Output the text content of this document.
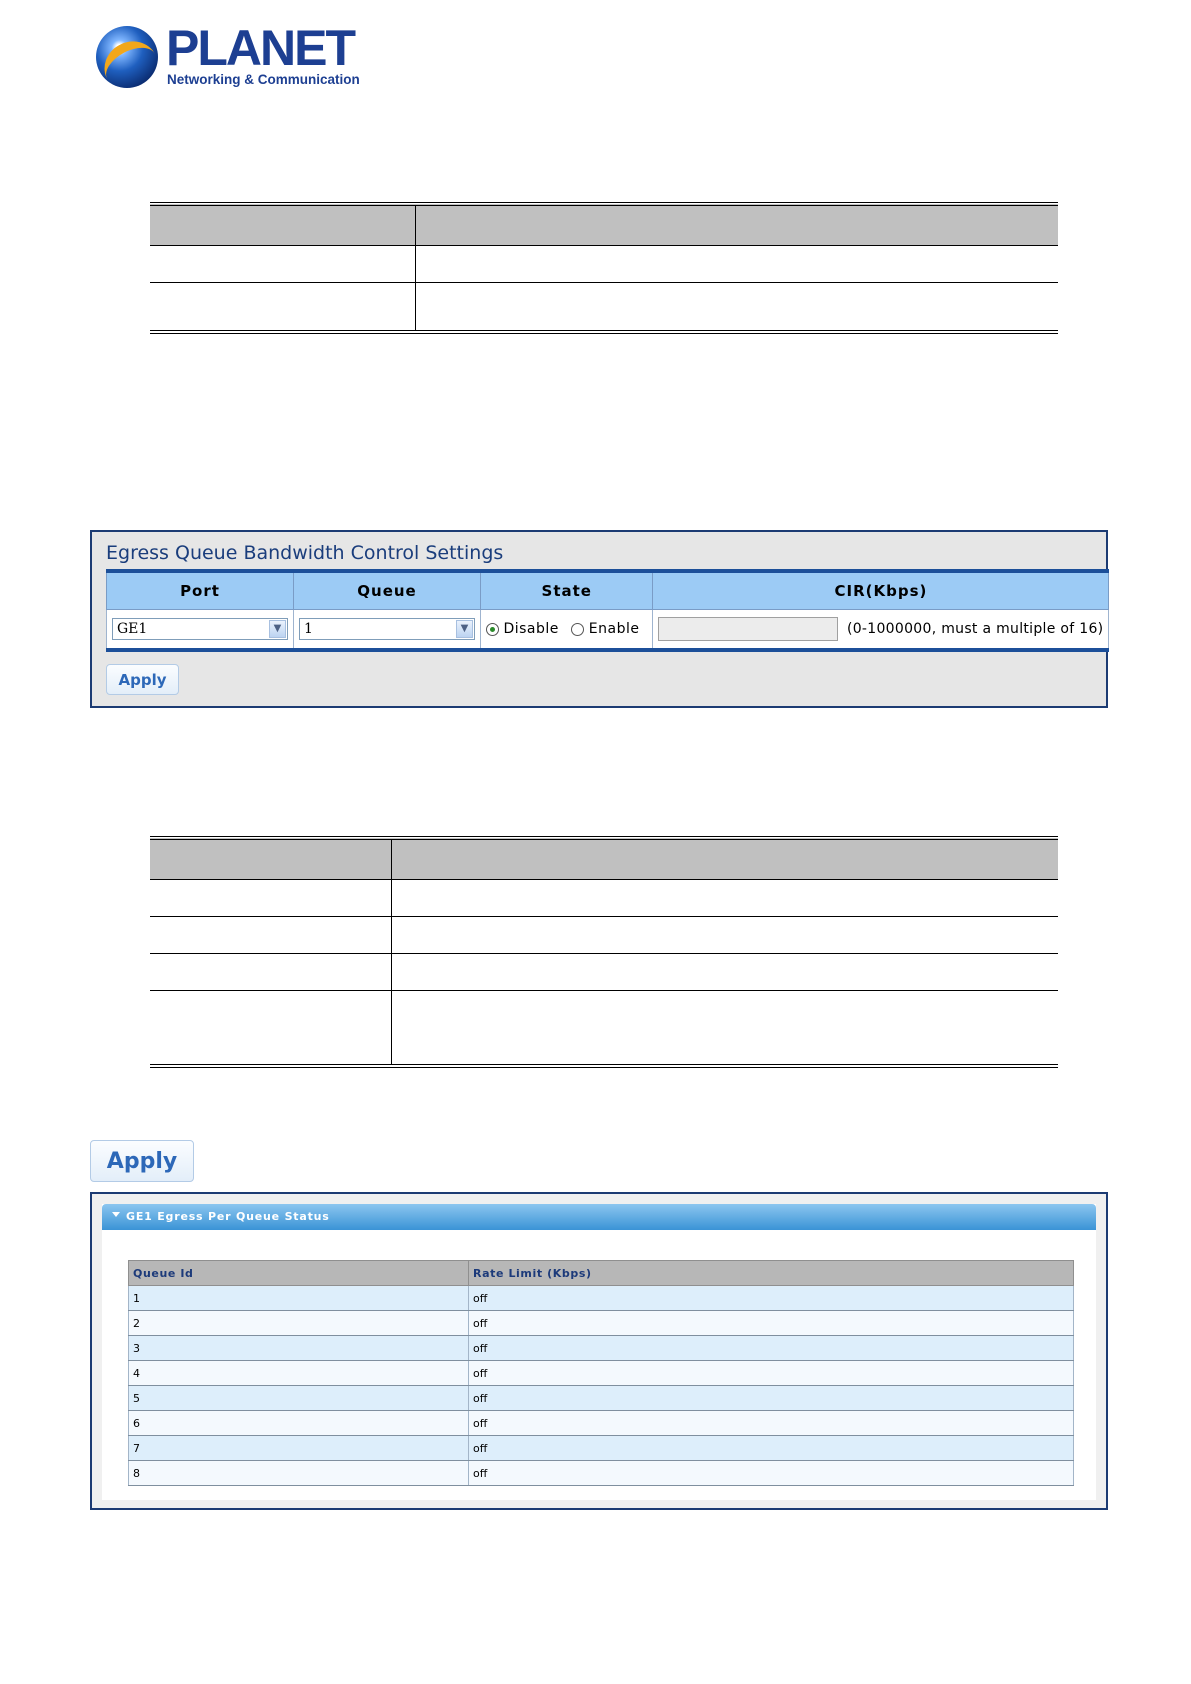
PLANET
Networking & Communication

Egress Queue Bandwidth Control Settings
Port	Queue	State	CIR(Kbps)
GE1 ▼	1 ▼	Disable Enable	(0-1000000, must a multiple of 16)
Apply

Apply
GE1 Egress Per Queue Status
Queue Id	Rate Limit (Kbps)
1	off
2	off
3	off
4	off
5	off
6	off
7	off
8	off
